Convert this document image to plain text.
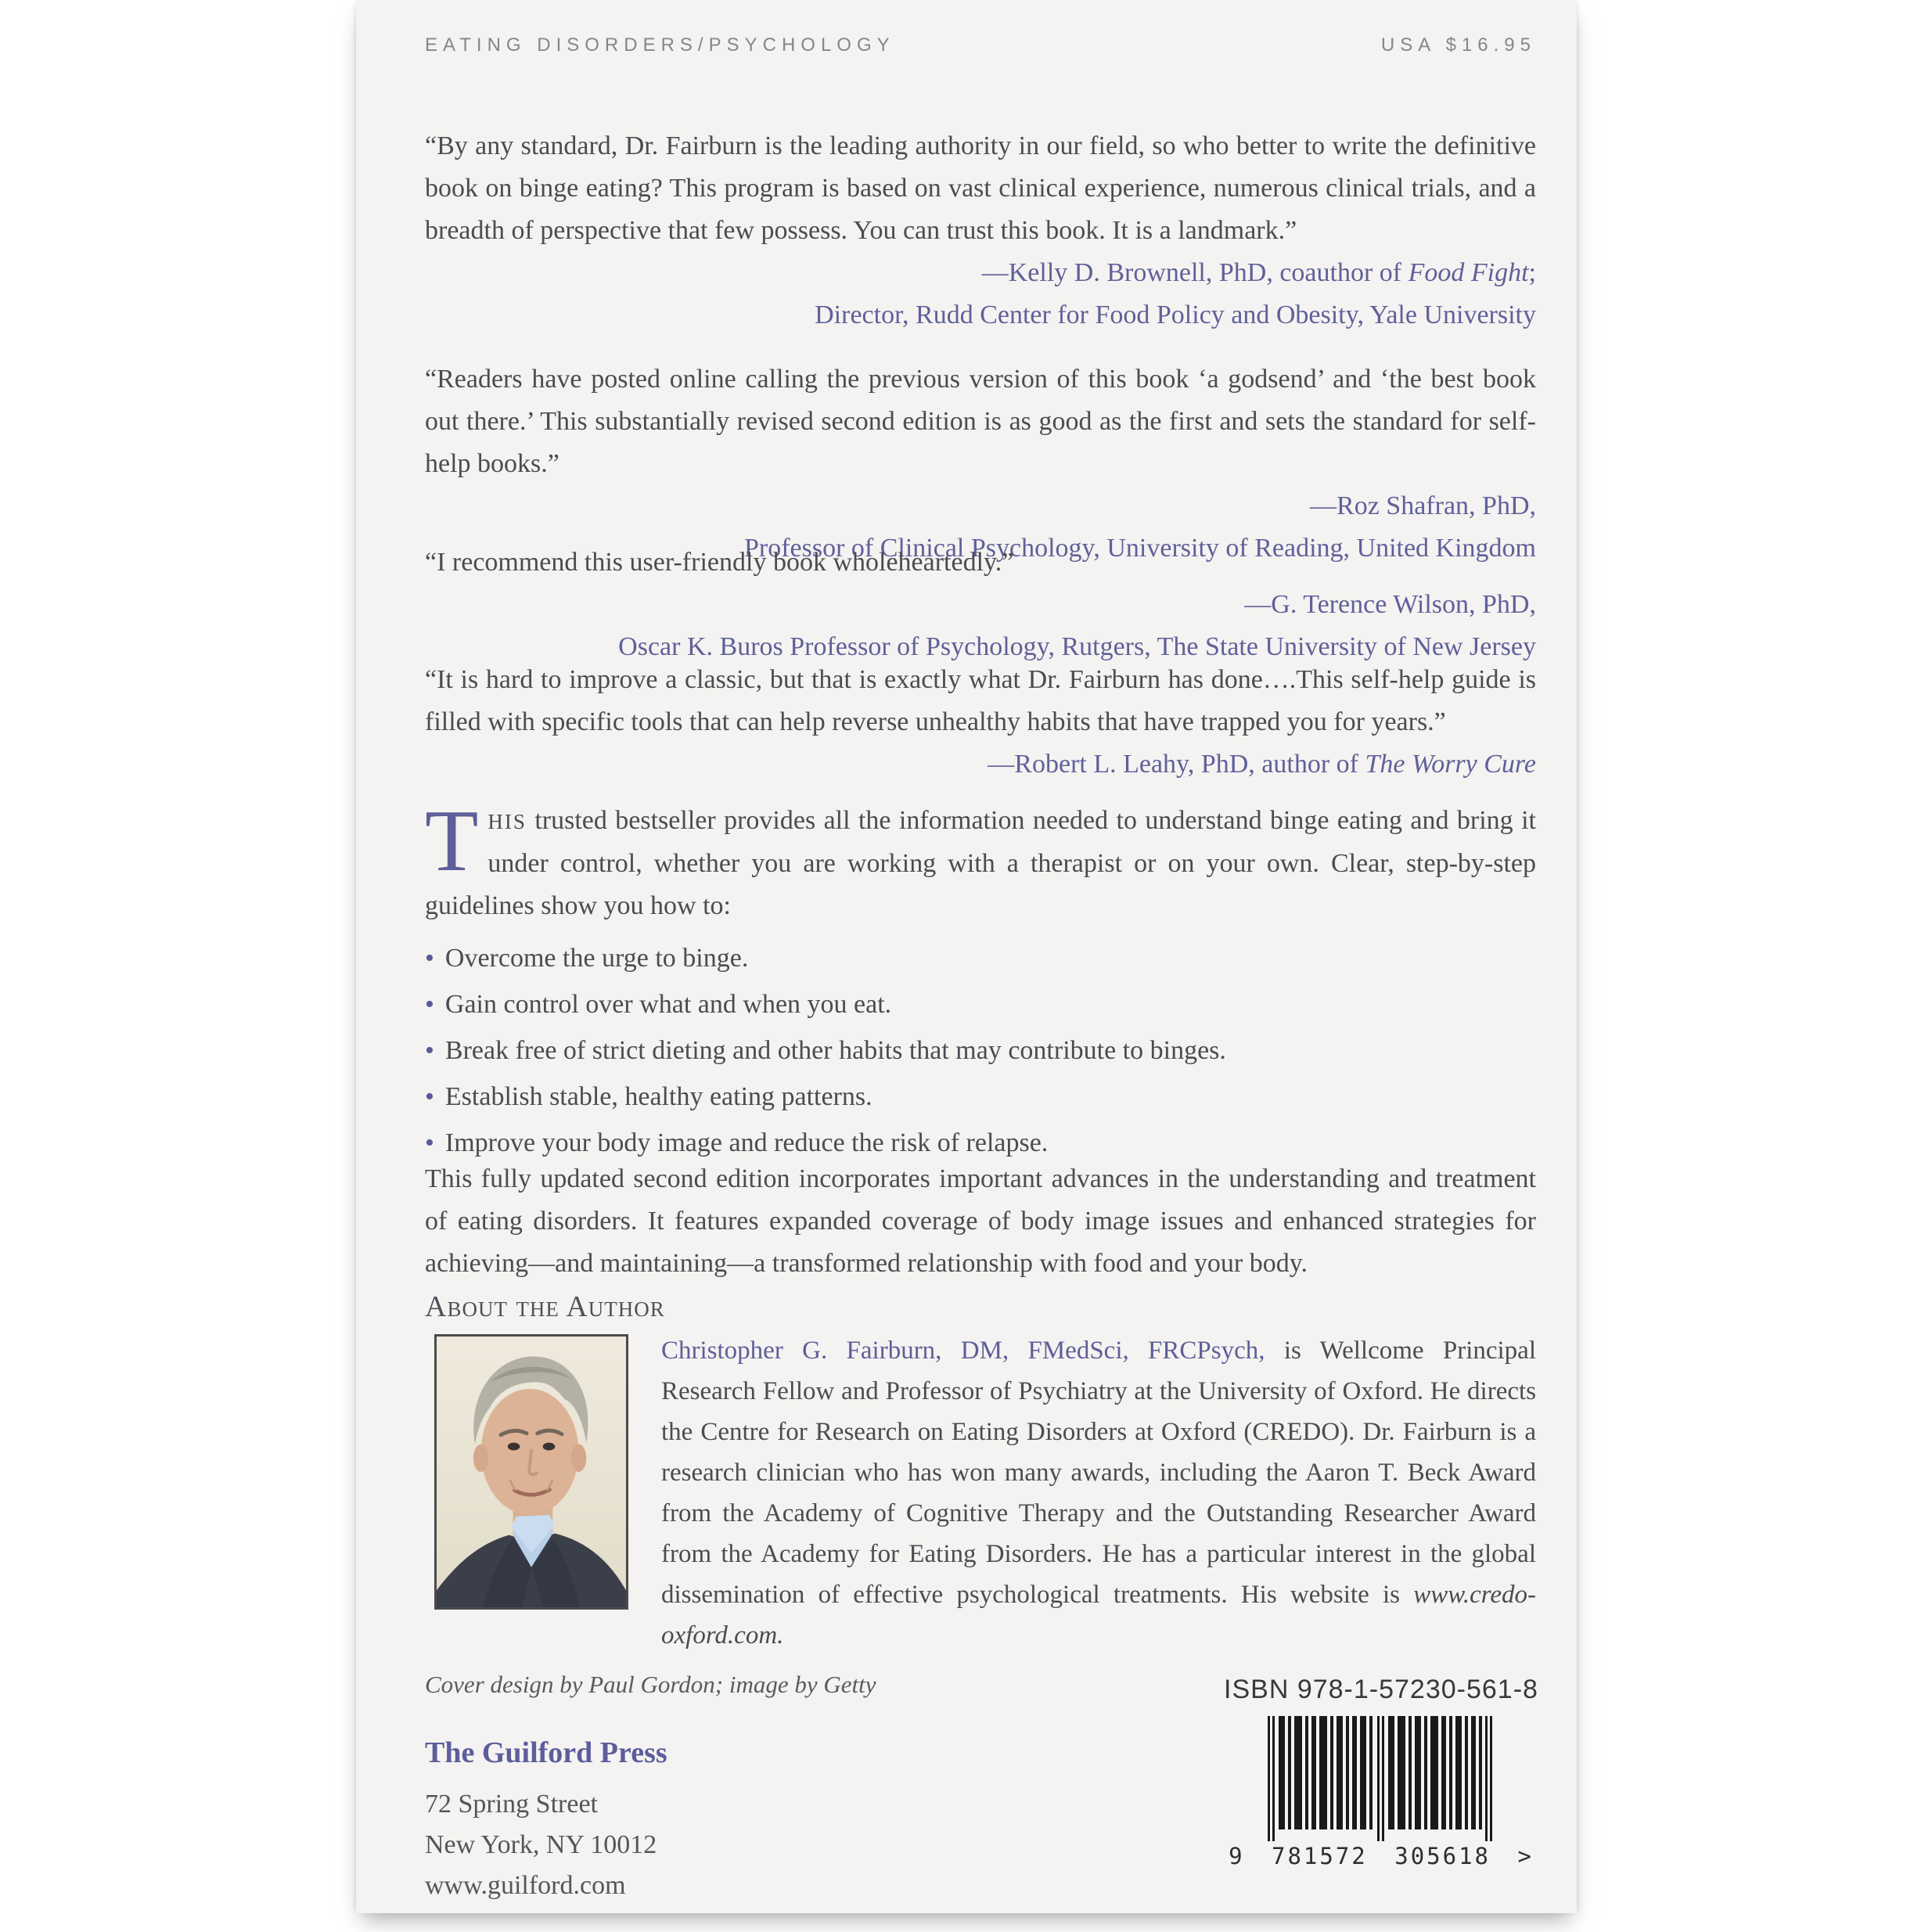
EATING DISORDERS/PSYCHOLOGY	USA $16.95

“By any standard, Dr. Fairburn is the leading authority in our field, so who better to write the definitive book on binge eating? This program is based on vast clinical experience, numerous clinical trials, and a breadth of perspective that few possess. You can trust this book. It is a landmark.”

—Kelly D. Brownell, PhD, coauthor of Food Fight;

Director, Rudd Center for Food Policy and Obesity, Yale University

“Readers have posted online calling the previous version of this book ‘a godsend’ and ‘the best book out there.’ This substantially revised second edition is as good as the first and sets the standard for self-help books.”

—Roz Shafran, PhD,

Professor of Clinical Psychology, University of Reading, United Kingdom

“I recommend this user-friendly book wholeheartedly.”

—G. Terence Wilson, PhD,

Oscar K. Buros Professor of Psychology, Rutgers, The State University of New Jersey

“It is hard to improve a classic, but that is exactly what Dr. Fairburn has done….This self-help guide is filled with specific tools that can help reverse unhealthy habits that have trapped you for years.”

—Robert L. Leahy, PhD, author of The Worry Cure

THIS trusted bestseller provides all the information needed to understand binge eating and bring it under control, whether you are working with a therapist or on your own. Clear, step-by-step guidelines show you how to:
• Overcome the urge to binge.
• Gain control over what and when you eat.
• Break free of strict dieting and other habits that may contribute to binges.
• Establish stable, healthy eating patterns.
• Improve your body image and reduce the risk of relapse.
This fully updated second edition incorporates important advances in the understanding and treatment of eating disorders. It features expanded coverage of body image issues and enhanced strategies for achieving—and maintaining—a transformed relationship with food and your body.
About the Author
Christopher G. Fairburn, DM, FMedSci, FRCPsych, is Wellcome Principal Research Fellow and Professor of Psychiatry at the University of Oxford. He directs the Centre for Research on Eating Disorders at Oxford (CREDO). Dr. Fairburn is a research clinician who has won many awards, including the Aaron T. Beck Award from the Academy of Cognitive Therapy and the Outstanding Researcher Award from the Academy for Eating Disorders. He has a particular interest in the global dissemination of effective psychological treatments. His website is www.credo-oxford.com.
Cover design by Paul Gordon; image by Getty

The Guilford Press

72 Spring Street

New York, NY 10012

www.guilford.com

ISBN 978-1-57230-561-8
9 781572 305618 >
